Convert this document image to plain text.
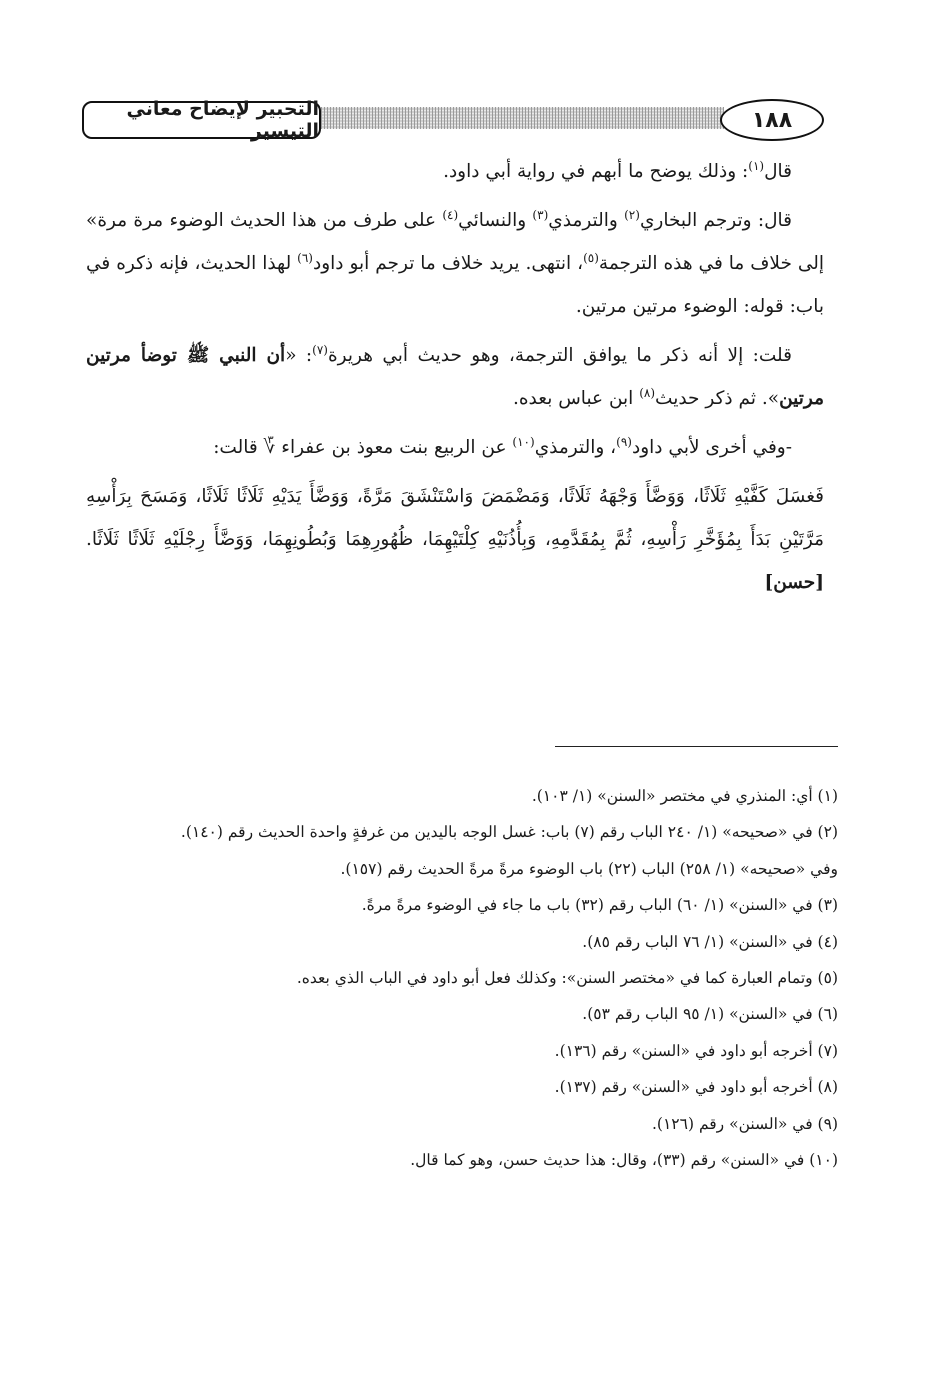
التحبير لإيضاح معاني التيسير	١٨٨

قال$^{(١)}$: وذلك يوضح ما أبهم في رواية أبي داود.

قال: وترجم البخاري$^{(٢)}$ والترمذي$^{(٣)}$ والنسائي$^{(٤)}$ على طرف من هذا الحديث الوضوء مرة مرة» إلى خلاف ما في هذه الترجمة$^{(٥)}$، انتهى. يريد خلاف ما ترجم أبو داود$^{(٦)}$ لهذا الحديث، فإنه ذكره في باب: قوله: الوضوء مرتين مرتين.

قلت: إلا أنه ذكر ما يوافق الترجمة، وهو حديث أبي هريرة$^{(٧)}$: «أن النبي ﷺ توضأ مرتين مرتين». ثم ذكر حديث$^{(٨)}$ ابن عباس بعده.

-وفي أخرى لأبي داود$^{(٩)}$، والترمذي$^{(١٠)}$ عن الربيع بنت معوذ بن عفراء ؆ قالت:

فَغسَلَ كَفَّيْهِ ثَلَاثًا، وَوَضَّأَ وَجْهَهُ ثَلَاثًا، وَمَضْمَضَ وَاسْتَنْشَقَ مَرَّةً، وَوَضَّأَ يَدَيْهِ ثَلَاثًا ثَلَاثًا، وَمَسَحَ بِرَأْسِهِ مَرَّتَيْنِ بَدَأَ بِمُؤَخَّرِ رَأْسِهِ، ثُمَّ بِمُقَدَّمِهِ، وَبِأُذُنَيْهِ كِلْتَيْهِمَا، ظُهُورِهِمَا وَبُطُونِهِمَا، وَوَضَّأَ رِجْلَيْهِ ثَلَاثًا ثَلَاثًا. [حسن]

(١) أي: المنذري في مختصر «السنن» (١/ ١٠٣).
(٢) في «صحيحه» (١/ ٢٤٠ الباب رقم (٧) باب: غسل الوجه باليدين من غرفةٍ واحدة الحديث رقم (١٤٠).
وفي «صحيحه» (١/ ٢٥٨) الباب (٢٢) باب الوضوء مرةً مرةً الحديث رقم (١٥٧).
(٣) في «السنن» (١/ ٦٠) الباب رقم (٣٢) باب ما جاء في الوضوء مرةً مرةً.
(٤) في «السنن» (١/ ٧٦ الباب رقم ٨٥).
(٥) وتمام العبارة كما في «مختصر السنن»: وكذلك فعل أبو داود في الباب الذي بعده.
(٦) في «السنن» (١/ ٩٥ الباب رقم ٥٣).
(٧) أخرجه أبو داود في «السنن» رقم (١٣٦).
(٨) أخرجه أبو داود في «السنن» رقم (١٣٧).
(٩) في «السنن» رقم (١٢٦).
(١٠) في «السنن» رقم (٣٣)، وقال: هذا حديث حسن، وهو كما قال.
